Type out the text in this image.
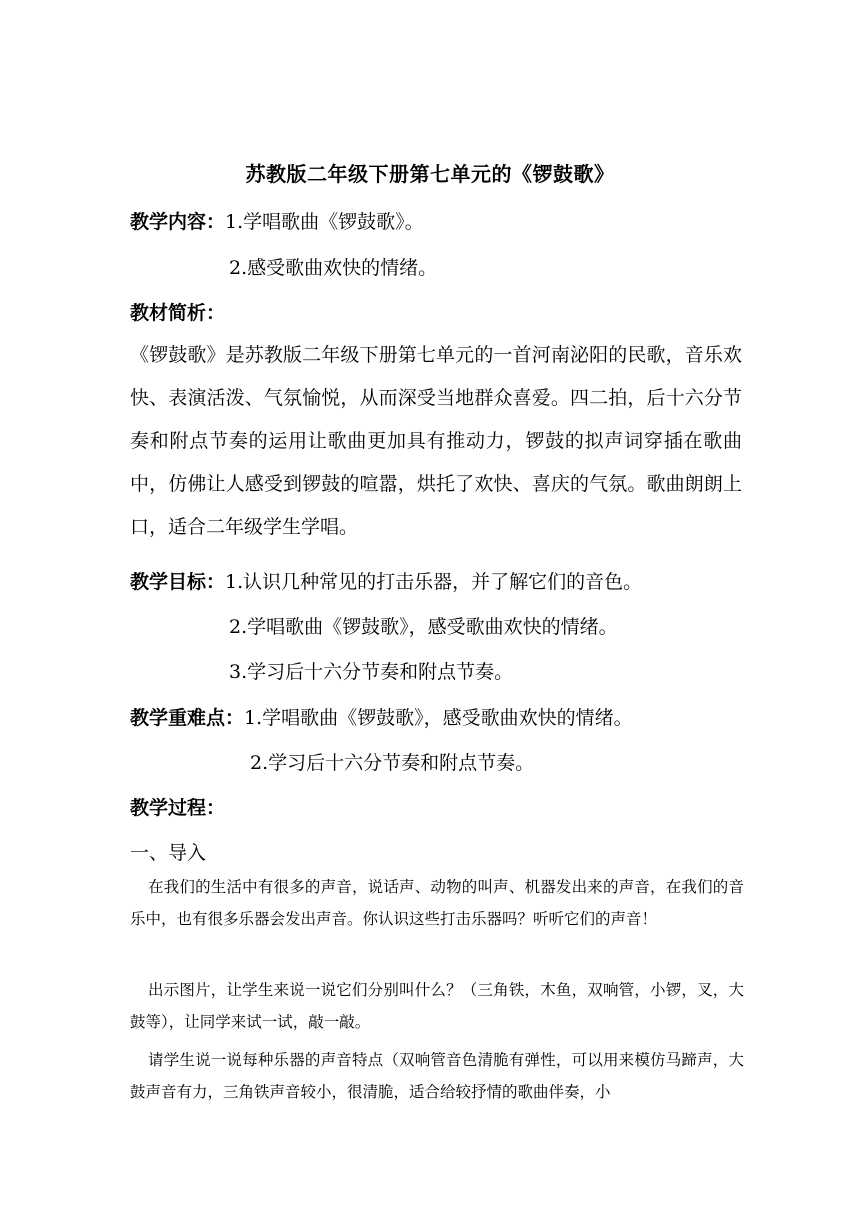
苏教版二年级下册第七单元的《锣鼓歌》
教学内容：1.学唱歌曲《锣鼓歌》。
2.感受歌曲欢快的情绪。
教材简析：
《锣鼓歌》是苏教版二年级下册第七单元的一首河南泌阳的民歌，音乐欢快、表演活泼、气氛愉悦，从而深受当地群众喜爱。四二拍，后十六分节奏和附点节奏的运用让歌曲更加具有推动力，锣鼓的拟声词穿插在歌曲中，仿佛让人感受到锣鼓的喧嚣，烘托了欢快、喜庆的气氛。歌曲朗朗上口，适合二年级学生学唱。
教学目标：1.认识几种常见的打击乐器，并了解它们的音色。
2.学唱歌曲《锣鼓歌》，感受歌曲欢快的情绪。
3.学习后十六分节奏和附点节奏。
教学重难点：1.学唱歌曲《锣鼓歌》，感受歌曲欢快的情绪。
2.学习后十六分节奏和附点节奏。
教学过程：
一、导入
在我们的生活中有很多的声音，说话声、动物的叫声、机器发出来的声音，在我们的音乐中，也有很多乐器会发出声音。你认识这些打击乐器吗？听听它们的声音！
出示图片，让学生来说一说它们分别叫什么？（三角铁，木鱼，双响管，小锣，叉，大鼓等），让同学来试一试，敲一敲。
请学生说一说每种乐器的声音特点（双响管音色清脆有弹性，可以用来模仿马蹄声，大鼓声音有力，三角铁声音较小，很清脆，适合给较抒情的歌曲伴奏，小
